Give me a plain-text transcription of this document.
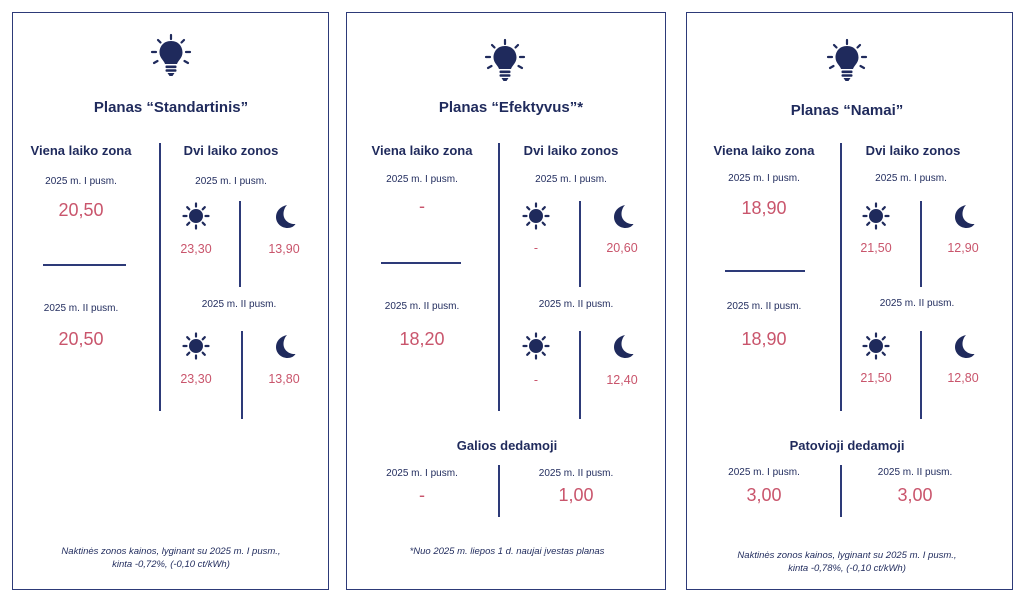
Planas “Standartinis”
Viena laiko zona	Dvi laiko zonos
2025 m. I pusm.
20,50
2025 m. II pusm.
20,50
2025 m. I pusm.
23,30	13,90
2025 m. II pusm.
23,30	13,80
Naktinės zonos kainos, lyginant su 2025 m. I pusm.,
kinta -0,72%, (-0,10 ct/kWh)
Planas “Efektyvus”*
Viena laiko zona	Dvi laiko zonos
2025 m. I pusm.
-
2025 m. II pusm.
18,20
2025 m. I pusm.
-	20,60
2025 m. II pusm.
-	12,40
Galios dedamoji
2025 m. I pusm.	2025 m. II pusm.
-	1,00
*Nuo 2025 m. liepos 1 d. naujai įvestas planas
Planas “Namai”
Viena laiko zona	Dvi laiko zonos
2025 m. I pusm.
18,90
2025 m. II pusm.
18,90
2025 m. I pusm.
21,50	12,90
2025 m. II pusm.
21,50	12,80
Patovioji dedamoji
2025 m. I pusm.	2025 m. II pusm.
3,00	3,00
Naktinės zonos kainos, lyginant su 2025 m. I pusm.,
kinta -0,78%, (-0,10 ct/kWh)
